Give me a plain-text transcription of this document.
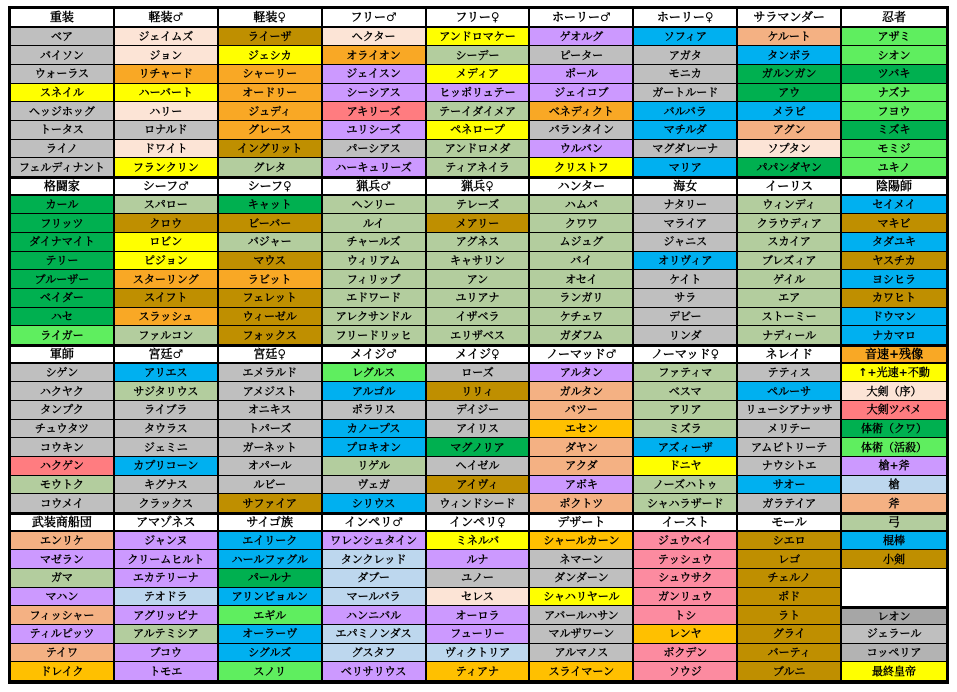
重装	軽装♂	軽装♀	フリー♂	フリー♀	ホーリー♂	ホーリー♀	サラマンダー	忍者
ベア	ジェイムズ	ライーザ	ヘクター	アンドロマケー	ゲオルグ	ソフィア	ケルート	アザミ
バイソン	ジョン	ジェシカ	オライオン	シーデー	ピーター	アガタ	タンボラ	シオン
ウォーラス	リチャード	シャーリー	ジェイスン	メディア	ポール	モニカ	ガルンガン	ツバキ
スネイル	ハーバート	オードリー	シーシアス	ヒッポリュテー	ジェイコブ	ガートルード	アウ	ナズナ
ヘッジホッグ	ハリー	ジュディ	アキリーズ	テーイダイメア	ベネディクト	バルバラ	メラピ	フヨウ
トータス	ロナルド	グレース	ユリシーズ	ペネロープ	バランタイン	マチルダ	アグン	ミズキ
ライノ	ドワイト	イングリット	パーシアス	アンドロメダ	ウルバン	マグダレーナ	ソプタン	モミジ
フェルディナント	フランクリン	グレタ	ハーキュリーズ	ティアネイラ	クリストフ	マリア	パパンダヤン	ユキノ
格闘家	シーフ♂	シーフ♀	猟兵♂	猟兵♀	ハンター	海女	イーリス	陰陽師
カール	スパロー	キャット	ヘンリー	テレーズ	ハムバ	ナタリー	ウィンディ	セイメイ
フリッツ	クロウ	ビーバー	ルイ	メアリー	クワワ	マライア	クラウディア	マキビ
ダイナマイト	ロビン	バジャー	チャールズ	アグネス	ムジュグ	ジャニス	スカイア	タダユキ
テリー	ピジョン	マウス	ウィリアム	キャサリン	バイ	オリヴィア	ブレズィア	ヤスチカ
ブルーザー	スターリング	ラビット	フィリップ	アン	オセイ	ケイト	ゲイル	ヨシヒラ
ベイダー	スイフト	フェレット	エドワード	ユリアナ	ランガリ	サラ	エア	カワヒト
ハセ	スラッシュ	ウィーゼル	アレクサンドル	イザベラ	ケチェワ	デビー	ストーミー	ドウマン
ライガー	ファルコン	フォックス	フリードリッヒ	エリザベス	ガダフム	リンダ	ナディール	ナカマロ
軍師	宮廷♂	宮廷♀	メイジ♂	メイジ♀	ノーマッド♂	ノーマッド♀	ネレイド	音速+残像
シゲン	アリエス	エメラルド	レグルス	ローズ	アルタン	ファティマ	テティス	↑+光速+不動
ハクヤク	サジタリウス	アメジスト	アルゴル	リリィ	ガルタン	ベスマ	ペルーサ	大剣（序）
タンプク	ライブラ	オニキス	ポラリス	デイジー	バツー	アリア	リューシアナッサ	大剣ツバメ
チュウタツ	タウラス	トパーズ	カノープス	アイリス	エセン	ミズラ	メリテー	体術（クワ）
コウキン	ジェミニ	ガーネット	プロキオン	マグノリア	ダヤン	アズィーザ	アムピトリーテ	体術（活殺）
ハクゲン	カプリコーン	オパール	リゲル	ヘイゼル	アクダ	ドニヤ	ナウシトエ	槍+斧
モウトク	キグナス	ルビー	ヴェガ	アイヴィ	アボキ	ノーズハトゥ	サオー	槍
コウメイ	クラックス	サファイア	シリウス	ウィンドシード	ポクトツ	シャハラザード	ガラテイア	斧
武装商船団	アマゾネス	サイゴ族	インペリ♂	インペリ♀	デザート	イースト	モール	弓
エンリケ	ジャンヌ	エイリーク	ワレンシュタイン	ミネルバ	シャールカーン	ジュウベイ	シエロ	棍棒
マゼラン	クリームヒルト	ハールファグル	タンクレッド	ルナ	ネマーン	テッシュウ	レゴ	小剣
ガマ	エカテリーナ	パールナ	ダブー	ユノー	ダンダーン	シュウサク	チェルノ
マハン	テオドラ	アリンビョルン	マールバラ	セレス	シャハリヤール	ガンリュウ	ポド
フィッシャー	アグリッピナ	エギル	ハンニバル	オーロラ	アバールハサン	トシ	ラト	レオン
ティルピッツ	アルテミシア	オーラーヴ	エパミノンダス	フューリー	マルザワーン	レンヤ	グライ	ジェラール
テイワ	ブコウ	シグルズ	グスタフ	ヴィクトリア	アルマノス	ボクデン	バーティ	コッペリア
ドレイク	トモエ	スノリ	ベリサリウス	ティアナ	スライマーン	ソウジ	ブルニ	最終皇帝
